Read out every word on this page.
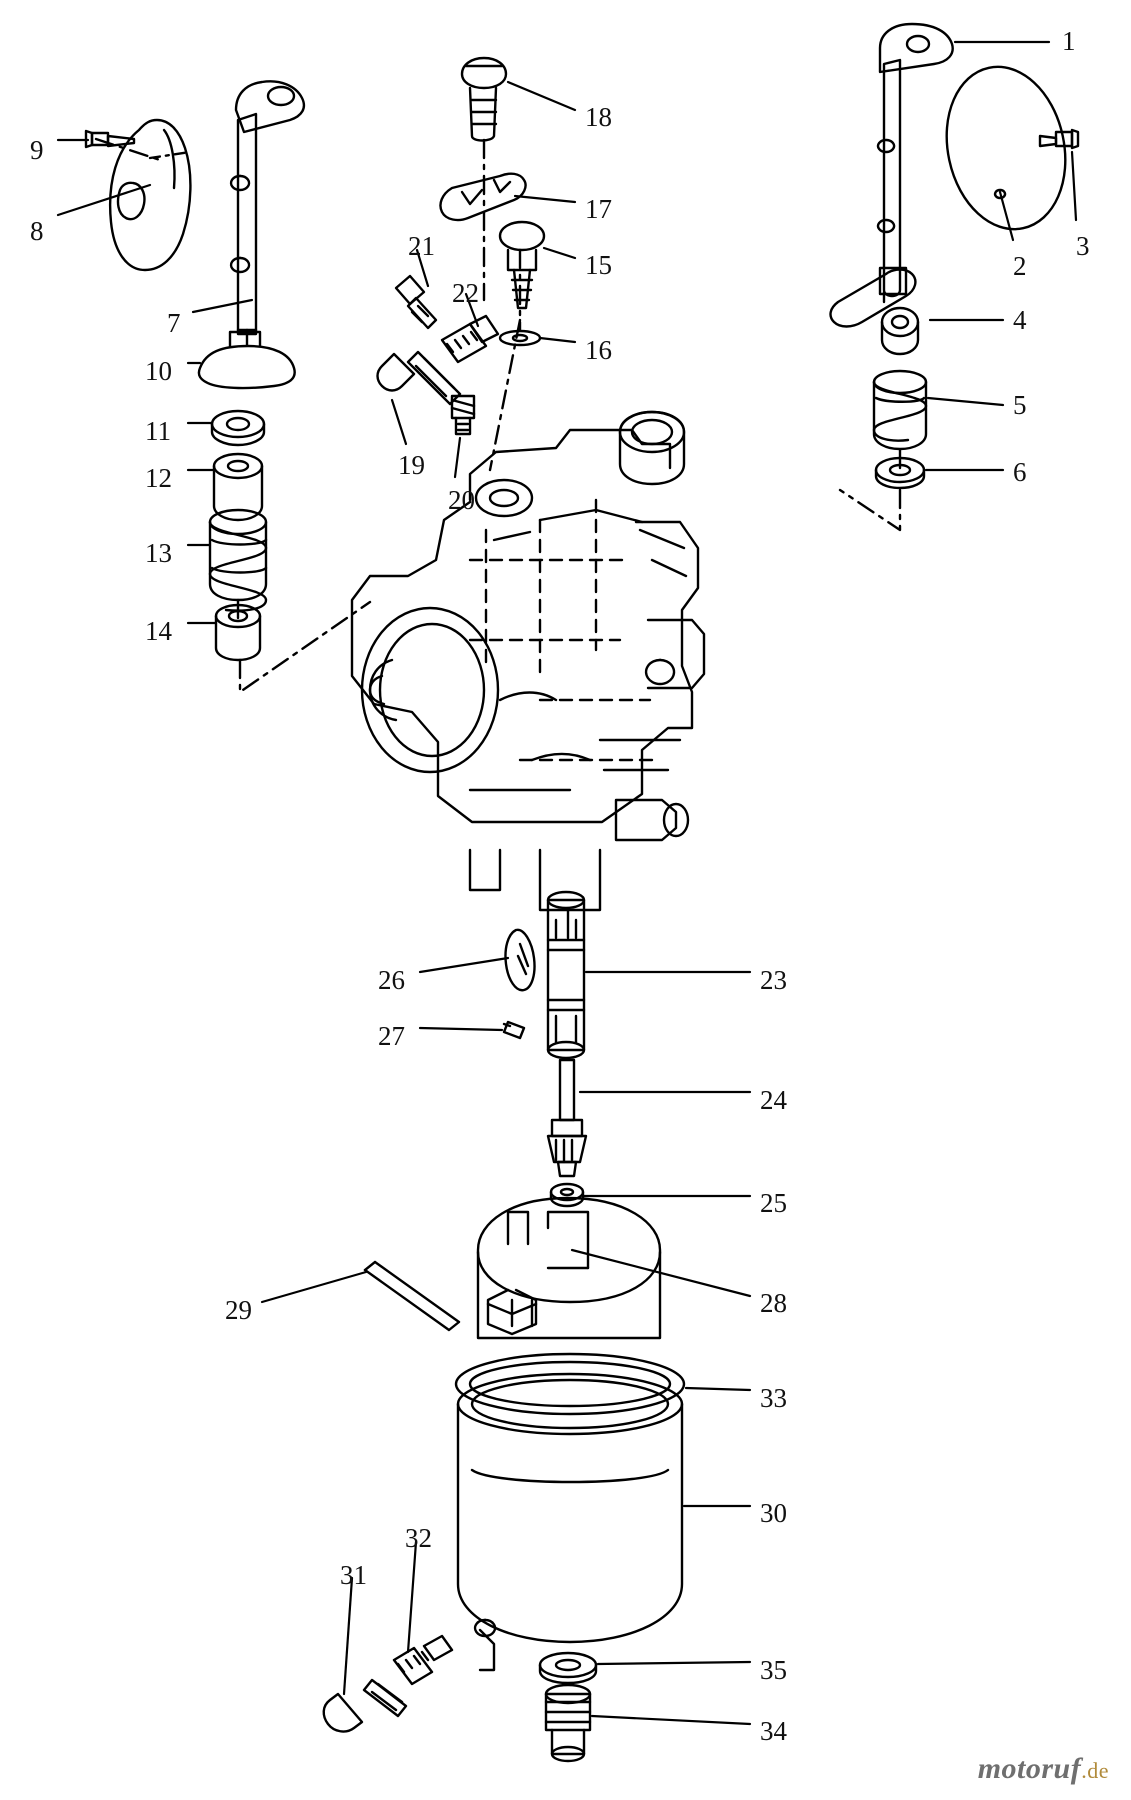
1
2
3
4
5
6
7
8
9
10
11
12
13
14
15
16
17
18
19
20
21
22
23
24
25
26
27
28
29
30
31
32
33
34
35
motoruf.de
